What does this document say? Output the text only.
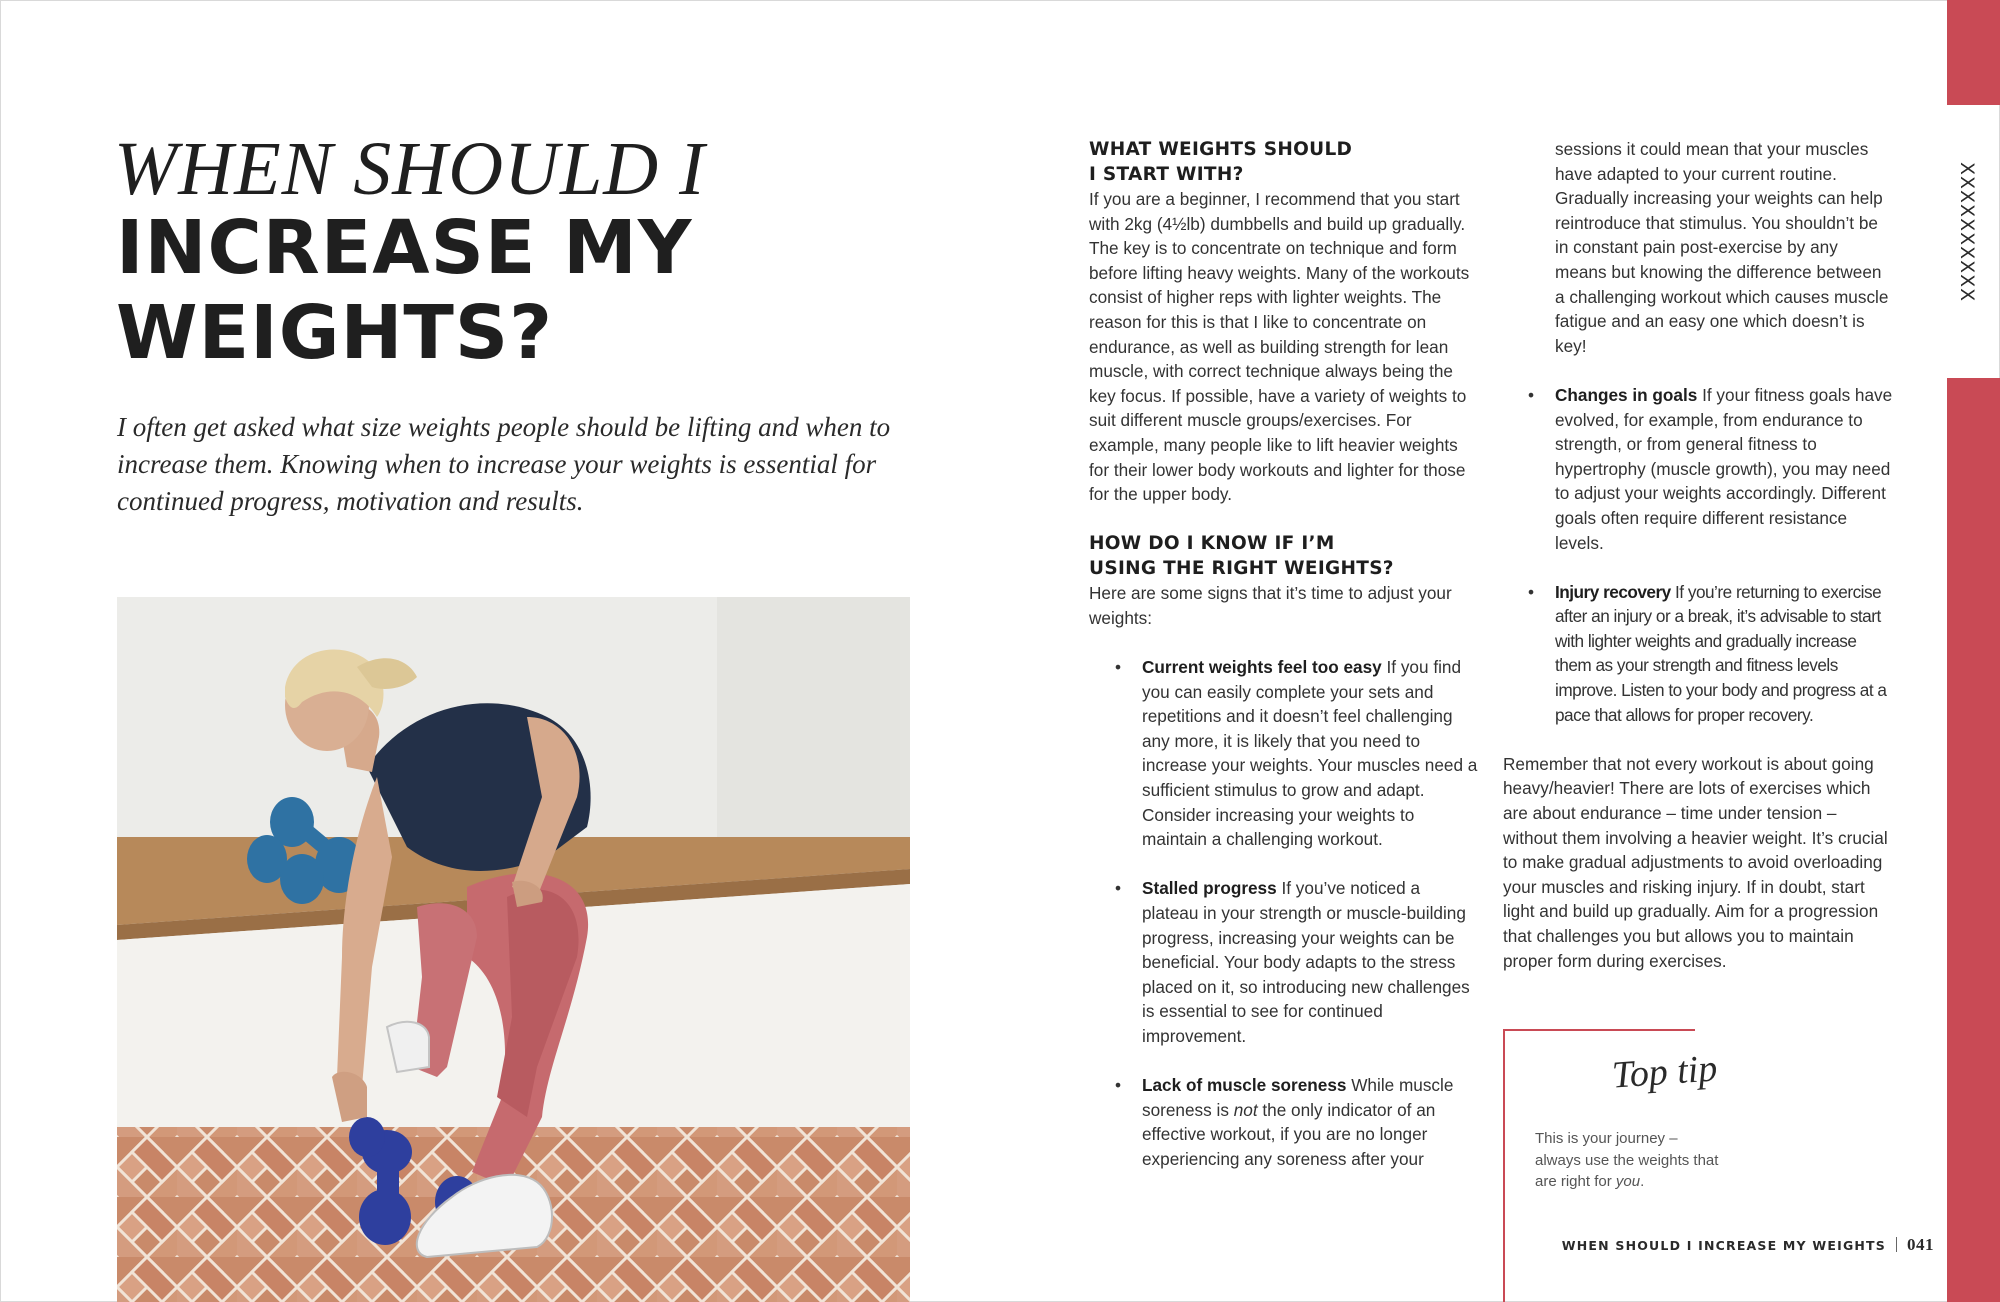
WHEN SHOULD I
INCREASE MY
WEIGHTS?

I often get asked what size weights people should be lifting and when to increase them. Knowing when to increase your weights is essential for continued progress, motivation and results.

WHAT WEIGHTS SHOULD
I START WITH?

If you are a beginner, I recommend that you start with 2kg (4½lb) dumbbells and build up gradually. The key is to concentrate on technique and form before lifting heavy weights. Many of the workouts consist of higher reps with lighter weights. The reason for this is that I like to concentrate on endurance, as well as building strength for lean muscle, with correct technique always being the key focus. If possible, have a variety of weights to suit different muscle groups/exercises. For example, many people like to lift heavier weights for their lower body workouts and lighter for those for the upper body.

HOW DO I KNOW IF I’M
USING THE RIGHT WEIGHTS?

Here are some signs that it’s time to adjust your weights:

• Current weights feel too easy If you find you can easily complete your sets and repetitions and it doesn’t feel challenging any more, it is likely that you need to increase your weights. Your muscles need a sufficient stimulus to grow and adapt. Consider increasing your weights to maintain a challenging workout.
• Stalled progress If you’ve noticed a plateau in your strength or muscle-building progress, increasing your weights can be beneficial. Your body adapts to the stress placed on it, so introducing new challenges is essential to see for continued improvement.
• Lack of muscle soreness While muscle soreness is not the only indicator of an effective workout, if you are no longer experiencing any soreness after your

sessions it could mean that your muscles have adapted to your current routine. Gradually increasing your weights can help reintroduce that stimulus. You shouldn’t be in constant pain post-exercise by any means but knowing the difference between a challenging workout which causes muscle fatigue and an easy one which doesn’t is key!

• Changes in goals If your fitness goals have evolved, for example, from endurance to strength, or from general fitness to hypertrophy (muscle growth), you may need to adjust your weights accordingly. Different goals often require different resistance levels.
• Injury recovery If you’re returning to exercise after an injury or a break, it’s advisable to start with lighter weights and gradually increase them as your strength and fitness levels improve. Listen to your body and progress at a pace that allows for proper recovery.

Remember that not every workout is about going heavy/heavier! There are lots of exercises which are about endurance – time under tension – without them involving a heavier weight. It’s crucial to make gradual adjustments to avoid overloading your muscles and risking injury. If in doubt, start light and build up gradually. Aim for a progression that challenges you but allows you to maintain proper form during exercises.

Top tip

This is your journey – always use the weights that are right for you.

WHEN SHOULD I INCREASE MY WEIGHTS 041
XXXXXXXXXX
